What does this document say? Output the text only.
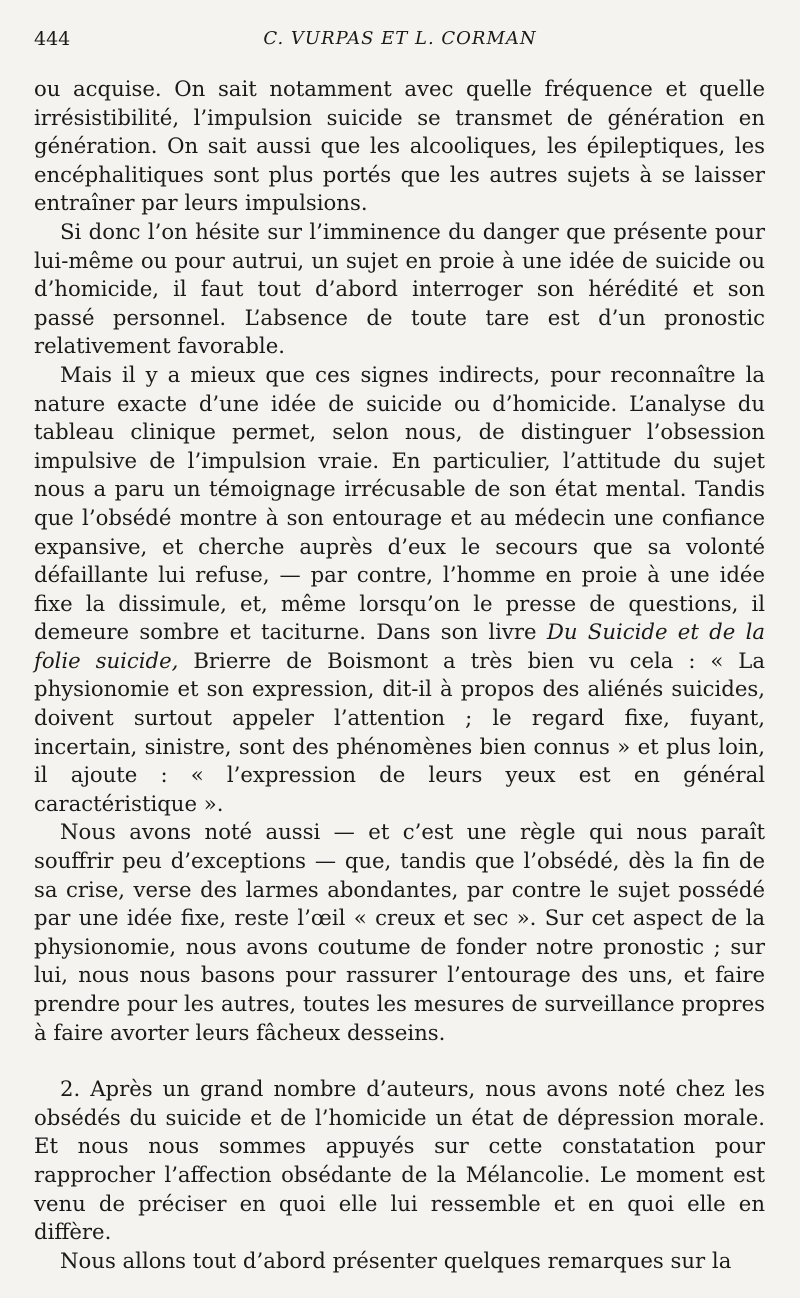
444	C. VURPAS ET L. CORMAN

ou acquise. On sait notamment avec quelle fréquence et quelle irrésistibilité, l’impulsion suicide se transmet de génération en génération. On sait aussi que les alcooliques, les épileptiques, les encéphalitiques sont plus portés que les autres sujets à se laisser entraîner par leurs impulsions.

Si donc l’on hésite sur l’imminence du danger que présente pour lui-même ou pour autrui, un sujet en proie à une idée de suicide ou d’homicide, il faut tout d’abord interroger son hérédité et son passé personnel. L’absence de toute tare est d’un pronostic relativement favorable.

Mais il y a mieux que ces signes indirects, pour reconnaître la nature exacte d’une idée de suicide ou d’homicide. L’analyse du tableau clinique permet, selon nous, de distinguer l’obsession impulsive de l’impulsion vraie. En particulier, l’attitude du sujet nous a paru un témoignage irrécusable de son état mental. Tandis que l’obsédé montre à son entourage et au médecin une confiance expansive, et cherche auprès d’eux le secours que sa volonté défaillante lui refuse, — par contre, l’homme en proie à une idée fixe la dissimule, et, même lorsqu’on le presse de questions, il demeure sombre et taciturne. Dans son livre Du Suicide et de la folie suicide, Brierre de Boismont a très bien vu cela : « La physionomie et son expression, dit-il à propos des aliénés suicides, doivent surtout appeler l’attention ; le regard fixe, fuyant, incertain, sinistre, sont des phénomènes bien connus » et plus loin, il ajoute : « l’expression de leurs yeux est en général caractéristique ».

Nous avons noté aussi — et c’est une règle qui nous paraît souffrir peu d’exceptions — que, tandis que l’obsédé, dès la fin de sa crise, verse des larmes abondantes, par contre le sujet possédé par une idée fixe, reste l’œil « creux et sec ». Sur cet aspect de la physionomie, nous avons coutume de fonder notre pronostic ; sur lui, nous nous basons pour rassurer l’entourage des uns, et faire prendre pour les autres, toutes les mesures de surveillance propres à faire avorter leurs fâcheux desseins.

2. Après un grand nombre d’auteurs, nous avons noté chez les obsédés du suicide et de l’homicide un état de dépression morale. Et nous nous sommes appuyés sur cette constatation pour rapprocher l’affection obsédante de la Mélancolie. Le moment est venu de préciser en quoi elle lui ressemble et en quoi elle en diffère.

Nous allons tout d’abord présenter quelques remarques sur la
